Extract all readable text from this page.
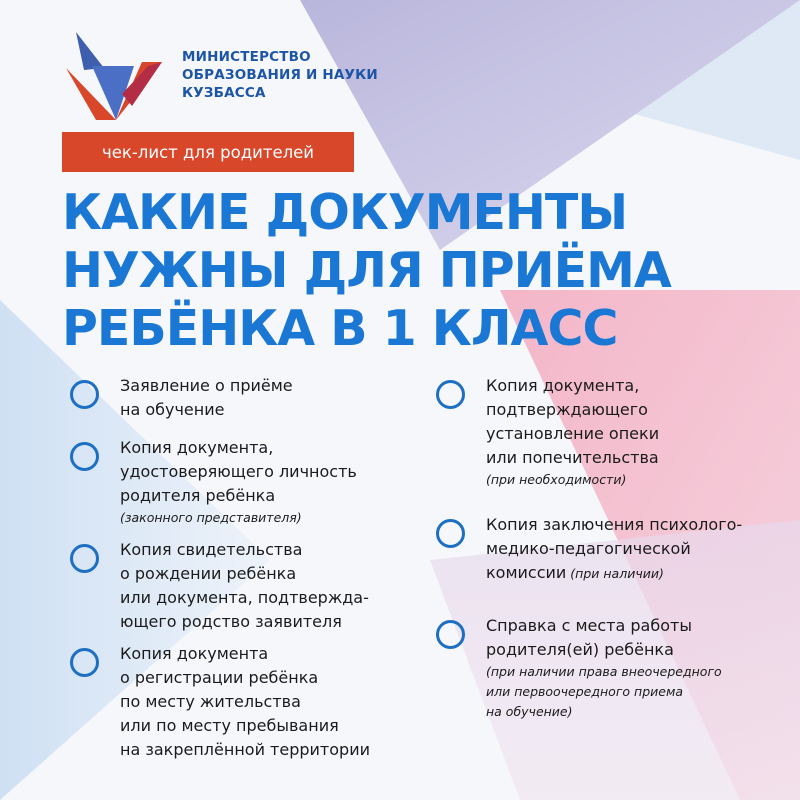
МИНИСТЕРСТВО
ОБРАЗОВАНИЯ И НАУКИ
КУЗБАССА
чек-лист для родителей
КАКИЕ ДОКУМЕНТЫ
НУЖНЫ ДЛЯ ПРИЁМА
РЕБЁНКА В 1 КЛАСС
Заявление о приёме
на обучение
Копия документа,
удостоверяющего личность
родителя ребёнка
(законного представителя)
Копия свидетельства
о рождении ребёнка
или документа, подтвержда-
ющего родство заявителя
Копия документа
о регистрации ребёнка
по месту жительства
или по месту пребывания
на закреплённой территории
Копия документа,
подтверждающего
установление опеки
или попечительства
(при необходимости)
Копия заключения психолого-
медико-педагогической
комиссии (при наличии)
Справка с места работы
родителя(ей) ребёнка
(при наличии права внеочередного
или первоочередного приема
на обучение)
